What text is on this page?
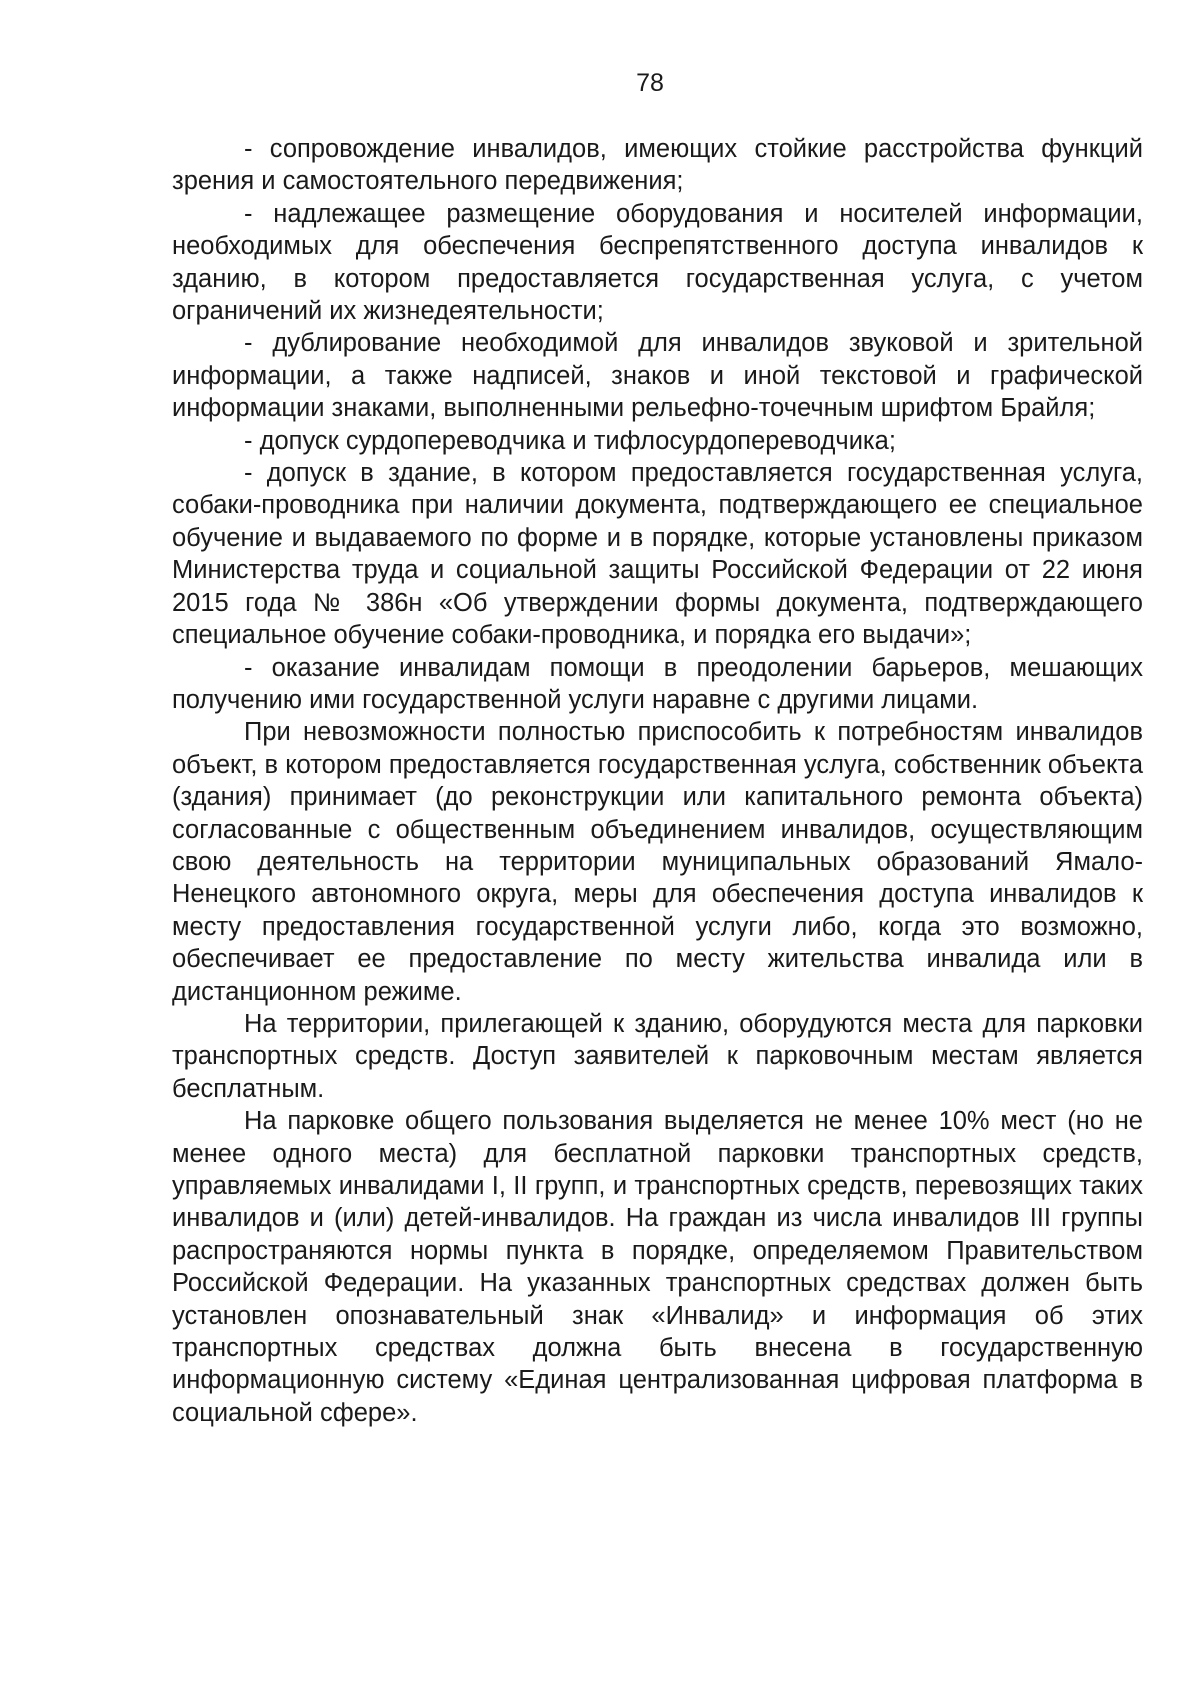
78

- сопровождение инвалидов, имеющих стойкие расстройства функций зрения и самостоятельного передвижения;

- надлежащее размещение оборудования и носителей информации, необходимых для обеспечения беспрепятственного доступа инвалидов к зданию, в котором предоставляется государственная услуга, с учетом ограничений их жизнедеятельности;

- дублирование необходимой для инвалидов звуковой и зрительной информации, а также надписей, знаков и иной текстовой и графической информации знаками, выполненными рельефно-точечным шрифтом Брайля;

- допуск сурдопереводчика и тифлосурдопереводчика;

- допуск в здание, в котором предоставляется государственная услуга, собаки-проводника при наличии документа, подтверждающего ее специальное обучение и выдаваемого по форме и в порядке, которые установлены приказом Министерства труда и социальной защиты Российской Федерации от 22 июня 2015 года № 386н «Об утверждении формы документа, подтверждающего специальное обучение собаки-проводника, и порядка его выдачи»;

- оказание инвалидам помощи в преодолении барьеров, мешающих получению ими государственной услуги наравне с другими лицами.

При невозможности полностью приспособить к потребностям инвалидов объект, в котором предоставляется государственная услуга, собственник объекта (здания) принимает (до реконструкции или капитального ремонта объекта) согласованные с общественным объединением инвалидов, осуществляющим свою деятельность на территории муниципальных образований Ямало-Ненецкого автономного округа, меры для обеспечения доступа инвалидов к месту предоставления государственной услуги либо, когда это возможно, обеспечивает ее предоставление по месту жительства инвалида или в дистанционном режиме.

На территории, прилегающей к зданию, оборудуются места для парковки транспортных средств. Доступ заявителей к парковочным местам является бесплатным.

На парковке общего пользования выделяется не менее 10% мест (но не менее одного места) для бесплатной парковки транспортных средств, управляемых инвалидами I, II групп, и транспортных средств, перевозящих таких инвалидов и (или) детей-инвалидов. На граждан из числа инвалидов III группы распространяются нормы пункта в порядке, определяемом Правительством Российской Федерации. На указанных транспортных средствах должен быть установлен опознавательный знак «Инвалид» и информация об этих транспортных средствах должна быть внесена в государственную информационную систему «Единая централизованная цифровая платформа в социальной сфере».
